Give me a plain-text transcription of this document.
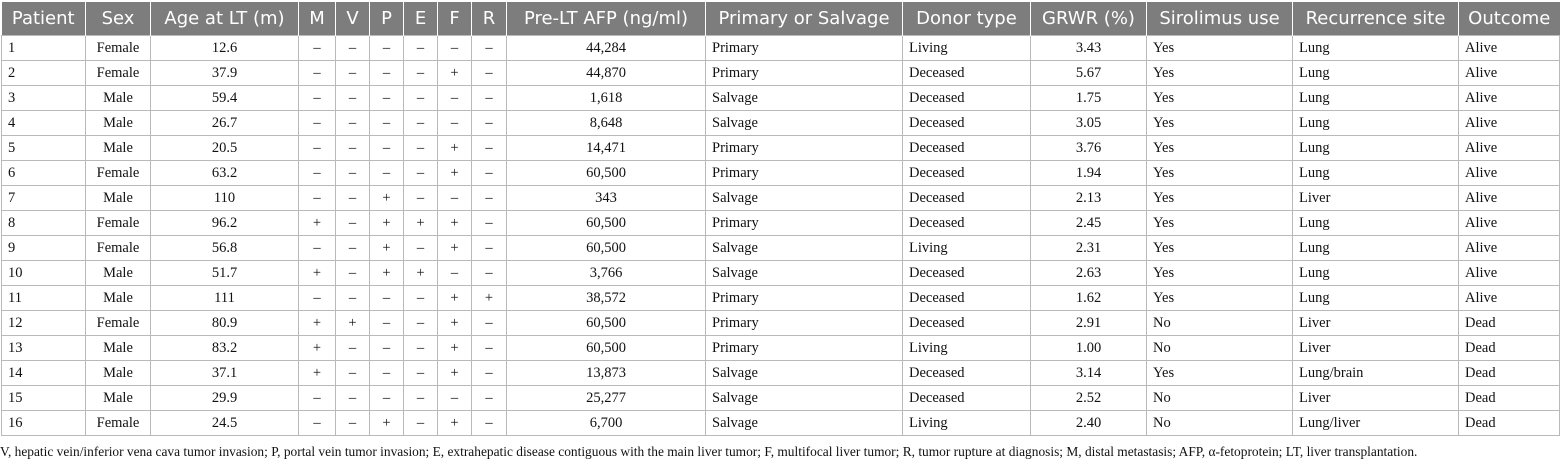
Patient	Sex	Age at LT (m)	M	V	P	E	F	R	Pre-LT AFP (ng/ml)	Primary or Salvage	Donor type	GRWR (%)	Sirolimus use	Recurrence site	Outcome
1	Female	12.6	–	–	–	–	–	–	44,284	Primary	Living	3.43	Yes	Lung	Alive
2	Female	37.9	–	–	–	–	+	–	44,870	Primary	Deceased	5.67	Yes	Lung	Alive
3	Male	59.4	–	–	–	–	–	–	1,618	Salvage	Deceased	1.75	Yes	Lung	Alive
4	Male	26.7	–	–	–	–	–	–	8,648	Salvage	Deceased	3.05	Yes	Lung	Alive
5	Male	20.5	–	–	–	–	+	–	14,471	Primary	Deceased	3.76	Yes	Lung	Alive
6	Female	63.2	–	–	–	–	+	–	60,500	Primary	Deceased	1.94	Yes	Lung	Alive
7	Male	110	–	–	+	–	–	–	343	Salvage	Deceased	2.13	Yes	Liver	Alive
8	Female	96.2	+	–	+	+	+	–	60,500	Primary	Deceased	2.45	Yes	Lung	Alive
9	Female	56.8	–	–	+	–	+	–	60,500	Salvage	Living	2.31	Yes	Lung	Alive
10	Male	51.7	+	–	+	+	–	–	3,766	Salvage	Deceased	2.63	Yes	Lung	Alive
11	Male	111	–	–	–	–	+	+	38,572	Primary	Deceased	1.62	Yes	Lung	Alive
12	Female	80.9	+	+	–	–	+	–	60,500	Primary	Deceased	2.91	No	Liver	Dead
13	Male	83.2	+	–	–	–	+	–	60,500	Primary	Living	1.00	No	Liver	Dead
14	Male	37.1	+	–	–	–	+	–	13,873	Salvage	Deceased	3.14	Yes	Lung/brain	Dead
15	Male	29.9	–	–	–	–	–	–	25,277	Salvage	Deceased	2.52	No	Liver	Dead
16	Female	24.5	–	–	+	–	+	–	6,700	Salvage	Living	2.40	No	Lung/liver	Dead
V, hepatic vein/inferior vena cava tumor invasion; P, portal vein tumor invasion; E, extrahepatic disease contiguous with the main liver tumor; F, multifocal liver tumor; R, tumor rupture at diagnosis; M, distal metastasis; AFP, α-fetoprotein; LT, liver transplantation.
